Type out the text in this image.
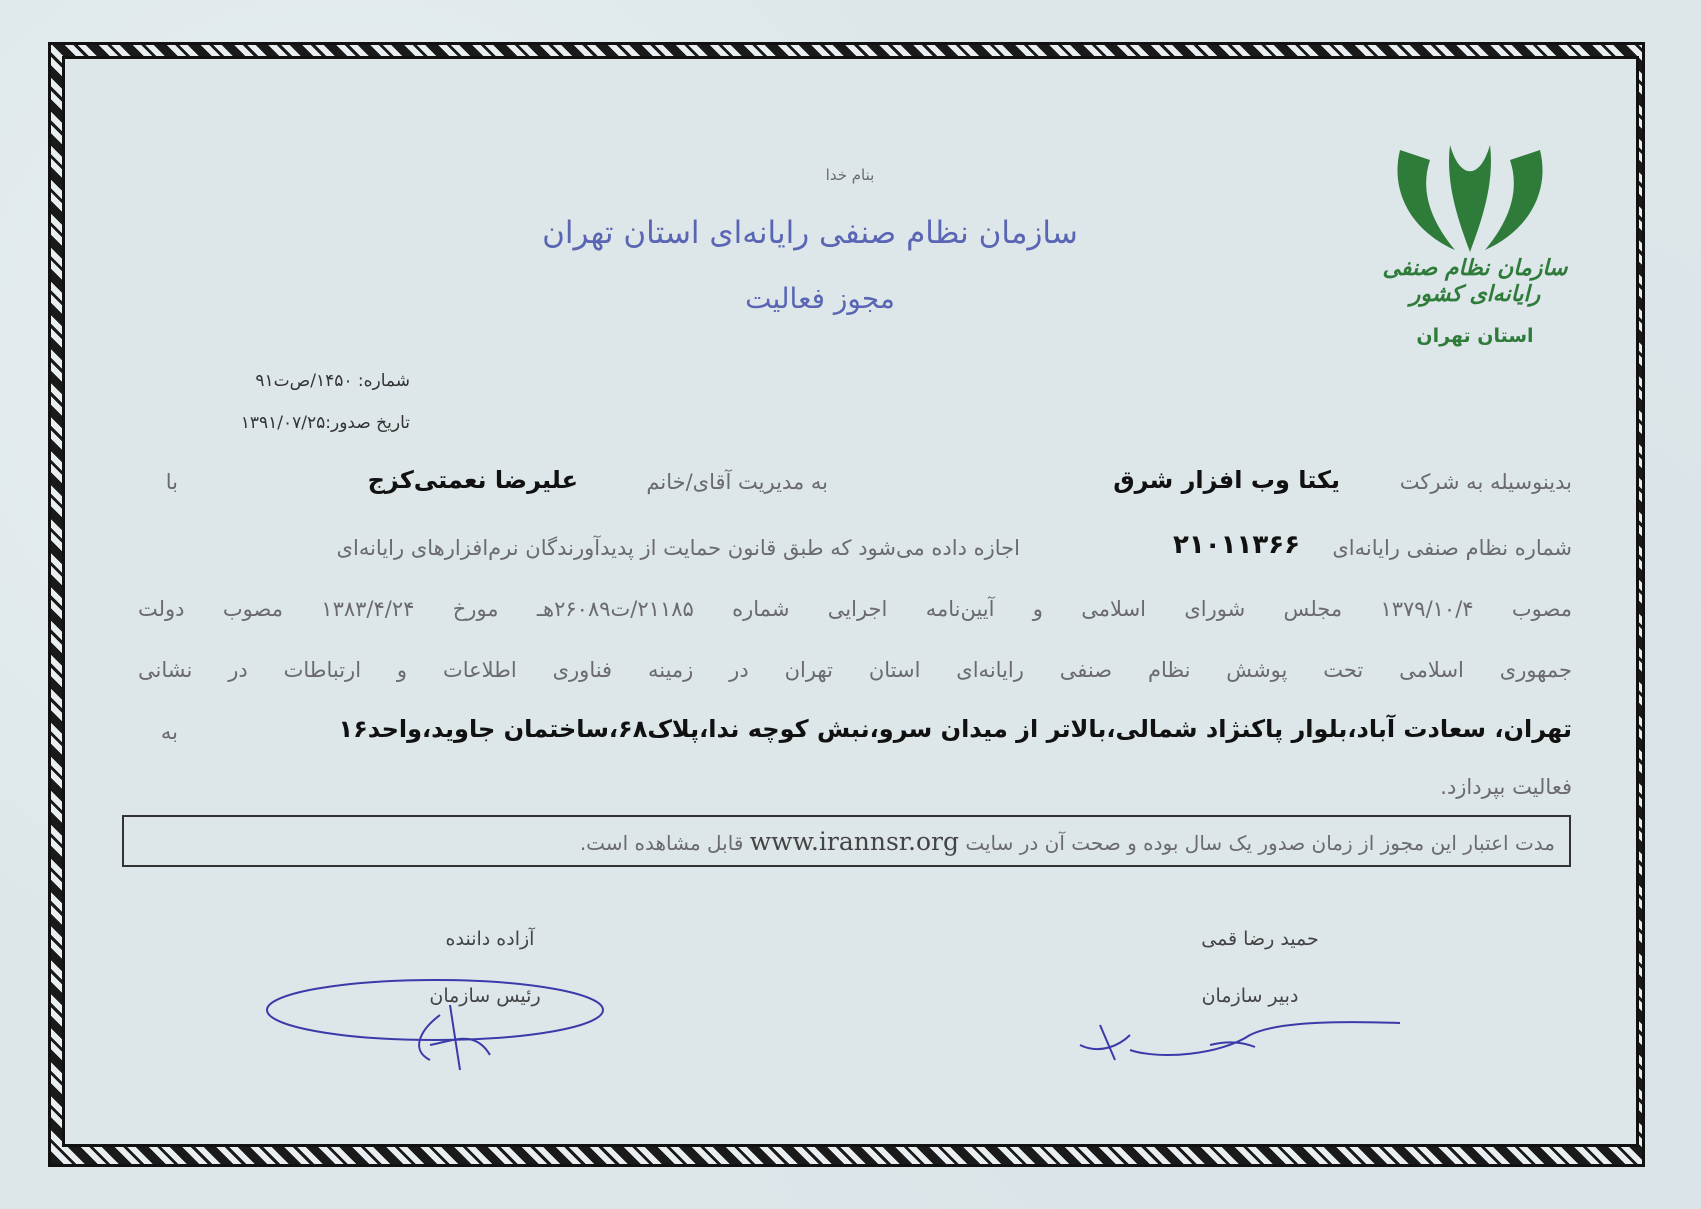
سازمان نظام صنفی رایانه‌ای کشور
استان تهران
بنام خدا
سازمان نظام صنفی رایانه‌ای استان تهران
مجوز فعالیت
شماره: ۱۴۵۰/ص‌ت۹۱
تاریخ صدور:۱۳۹۱/۰۷/۲۵
بدینوسیله به شرکت
یکتا وب افزار شرق
به مدیریت آقای/خانم
علیرضا نعمتی‌کزج
با
شماره نظام صنفی رایانه‌ای
۲۱۰۱۱۳۶۶
اجازه داده می‌شود که طبق قانون حمایت از پدیدآورندگان نرم‌افزارهای رایانه‌ای
مصوب ۱۳۷۹/۱۰/۴ مجلس شورای اسلامی و آیین‌نامه اجرایی شماره ۲۱۱۸۵/ت۲۶۰۸۹هـ مورخ ۱۳۸۳/۴/۲۴ مصوب دولت
جمهوری اسلامی تحت پوشش نظام صنفی رایانه‌ای استان تهران در زمینه فناوری اطلاعات و ارتباطات در نشانی
تهران، سعادت آباد،بلوار پاکنژاد شمالی،بالاتر از میدان سرو،نبش کوچه ندا،پلاک۶۸،ساختمان جاوید،واحد۱۶
به
فعالیت بپردازد.
مدت اعتبار این مجوز از زمان صدور یک سال بوده و صحت آن در سایت www.irannsr.org قابل مشاهده است.
آزاده دانند‌ه
رئیس سازمان
حمید رضا قمی
دبیر سازمان
